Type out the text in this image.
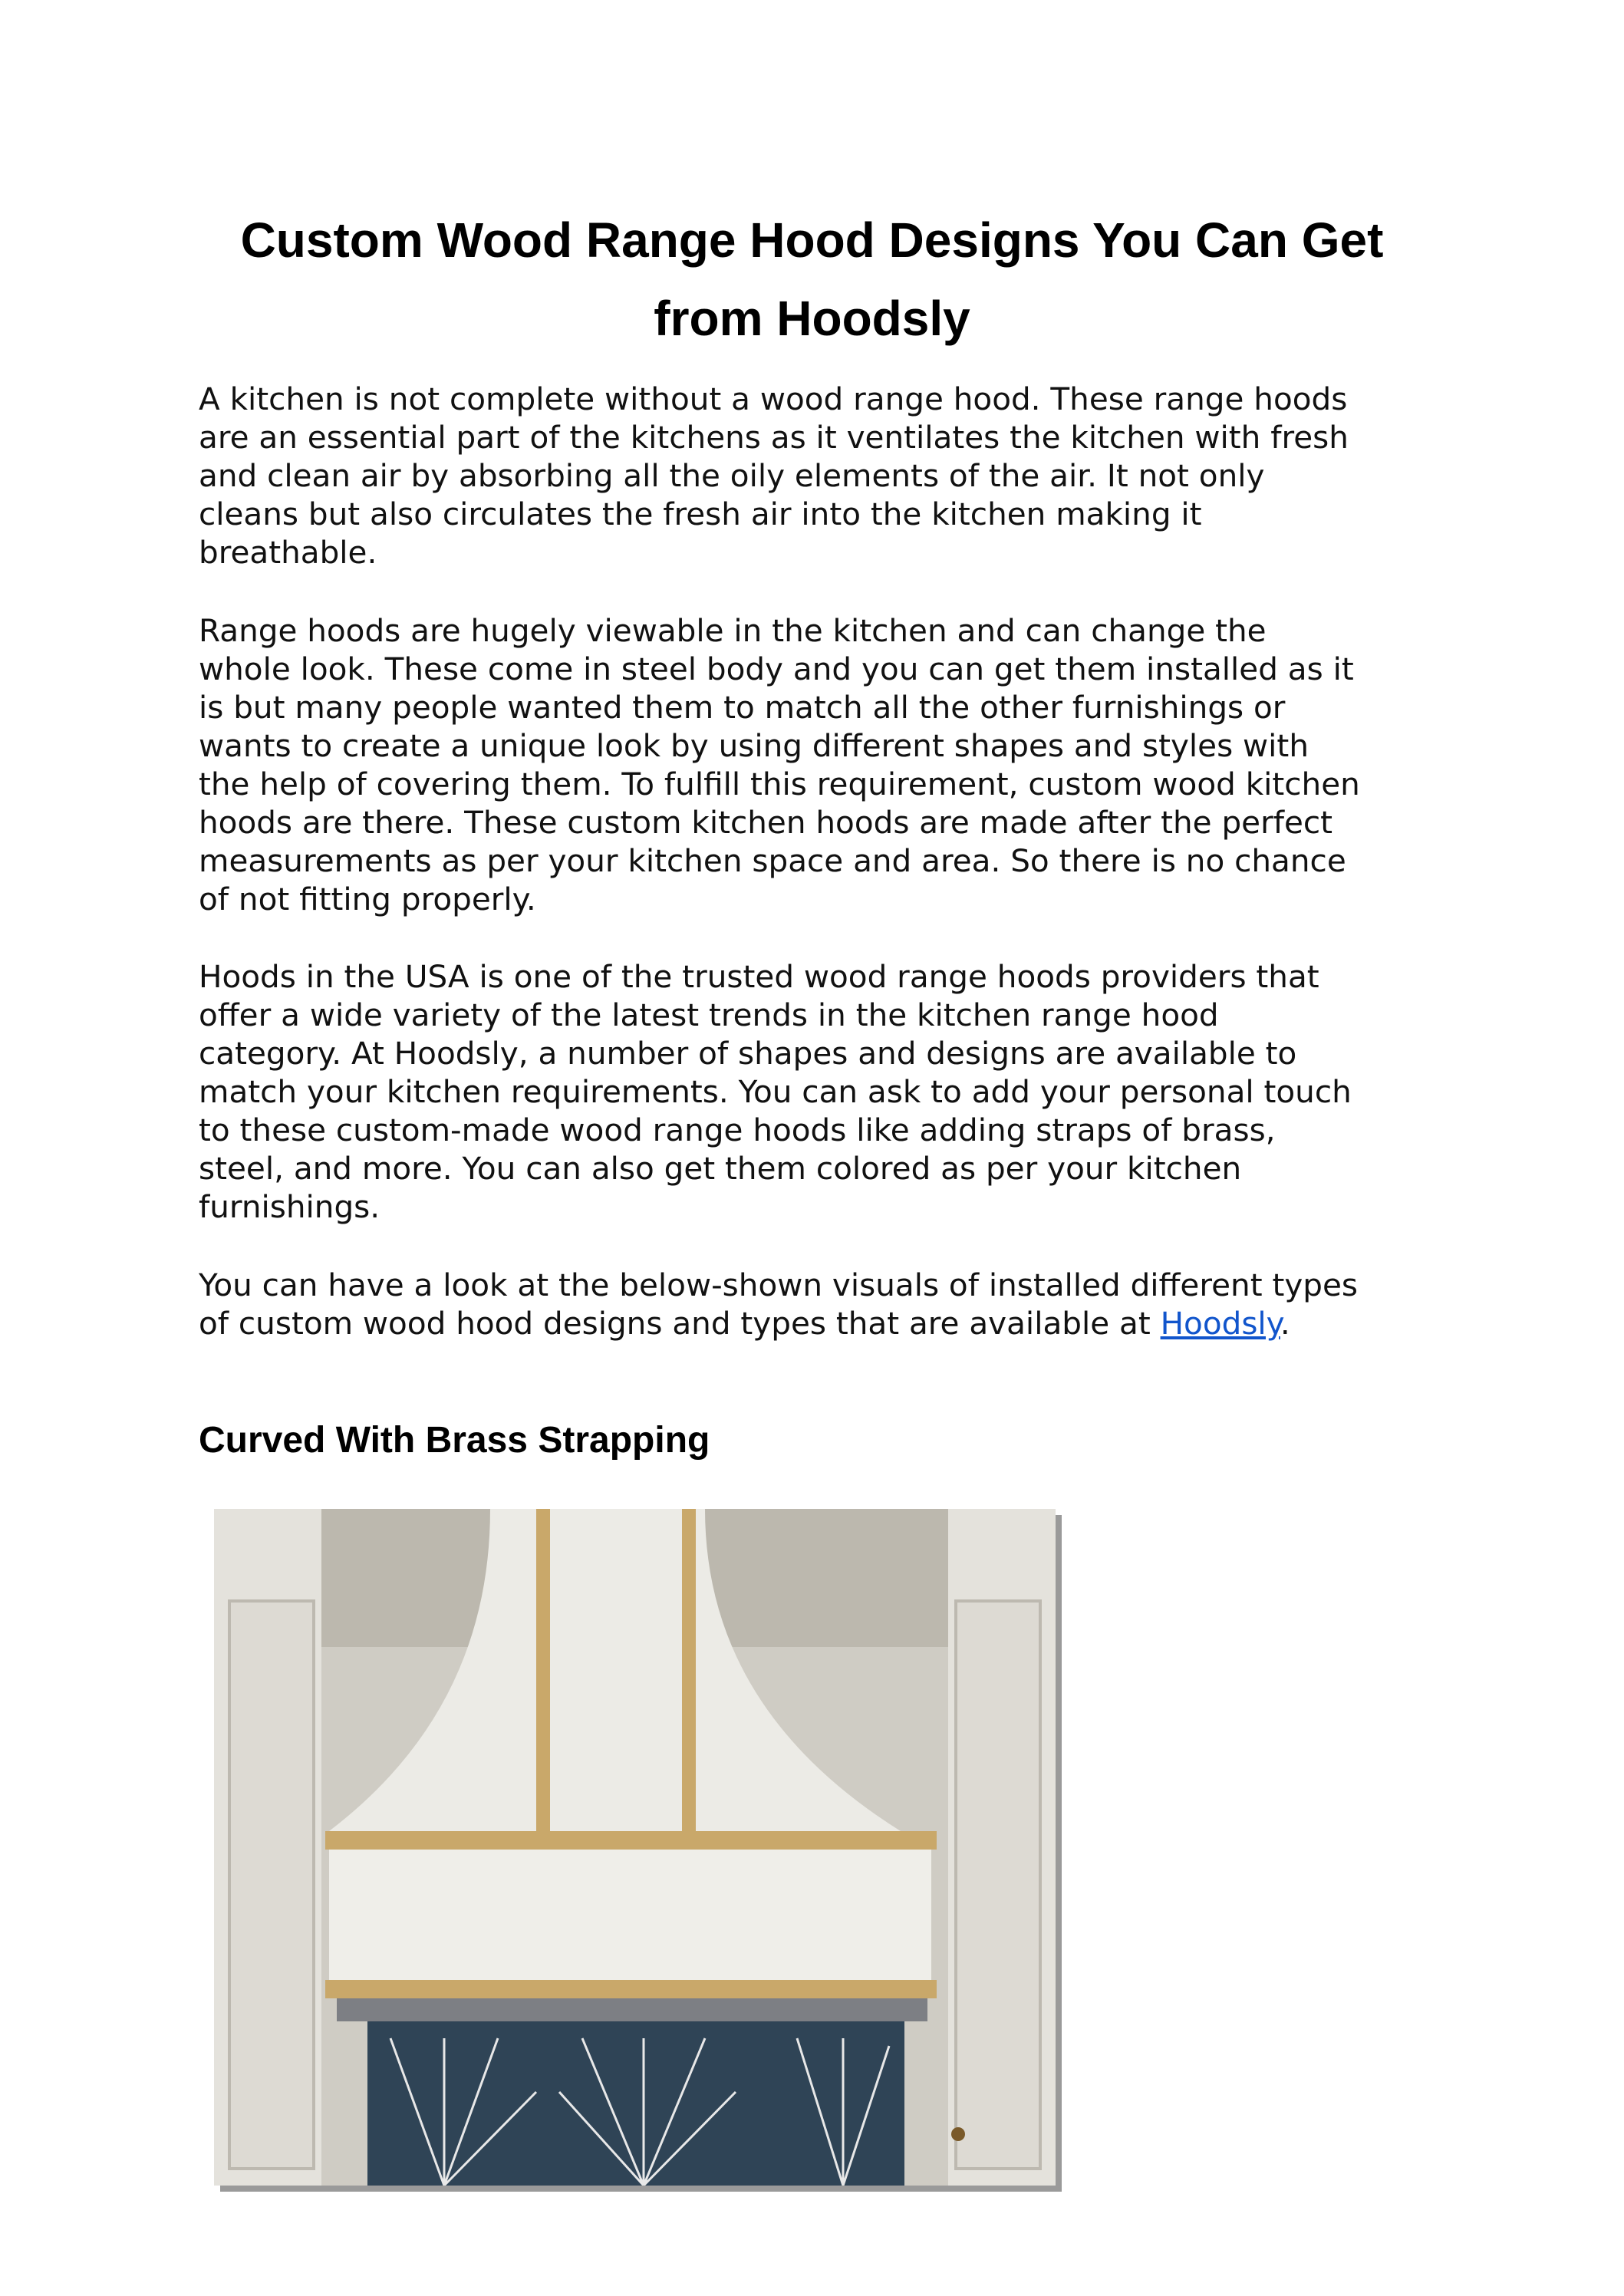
Custom Wood Range Hood Designs You Can Get
from Hoodsly
A kitchen is not complete without a wood range hood. These range hoods
are an essential part of the kitchens as it ventilates the kitchen with fresh
and clean air by absorbing all the oily elements of the air. It not only
cleans but also circulates the fresh air into the kitchen making it
breathable.
Range hoods are hugely viewable in the kitchen and can change the
whole look. These come in steel body and you can get them installed as it
is but many people wanted them to match all the other furnishings or
wants to create a unique look by using different shapes and styles with
the help of covering them. To fulfill this requirement, custom wood kitchen
hoods are there. These custom kitchen hoods are made after the perfect
measurements as per your kitchen space and area. So there is no chance
of not fitting properly.
Hoods in the USA is one of the trusted wood range hoods providers that
offer a wide variety of the latest trends in the kitchen range hood
category. At Hoodsly, a number of shapes and designs are available to
match your kitchen requirements. You can ask to add your personal touch
to these custom-made wood range hoods like adding straps of brass,
steel, and more. You can also get them colored as per your kitchen
furnishings.
You can have a look at the below-shown visuals of installed different types
of custom wood hood designs and types that are available at Hoodsly.
Curved With Brass Strapping
